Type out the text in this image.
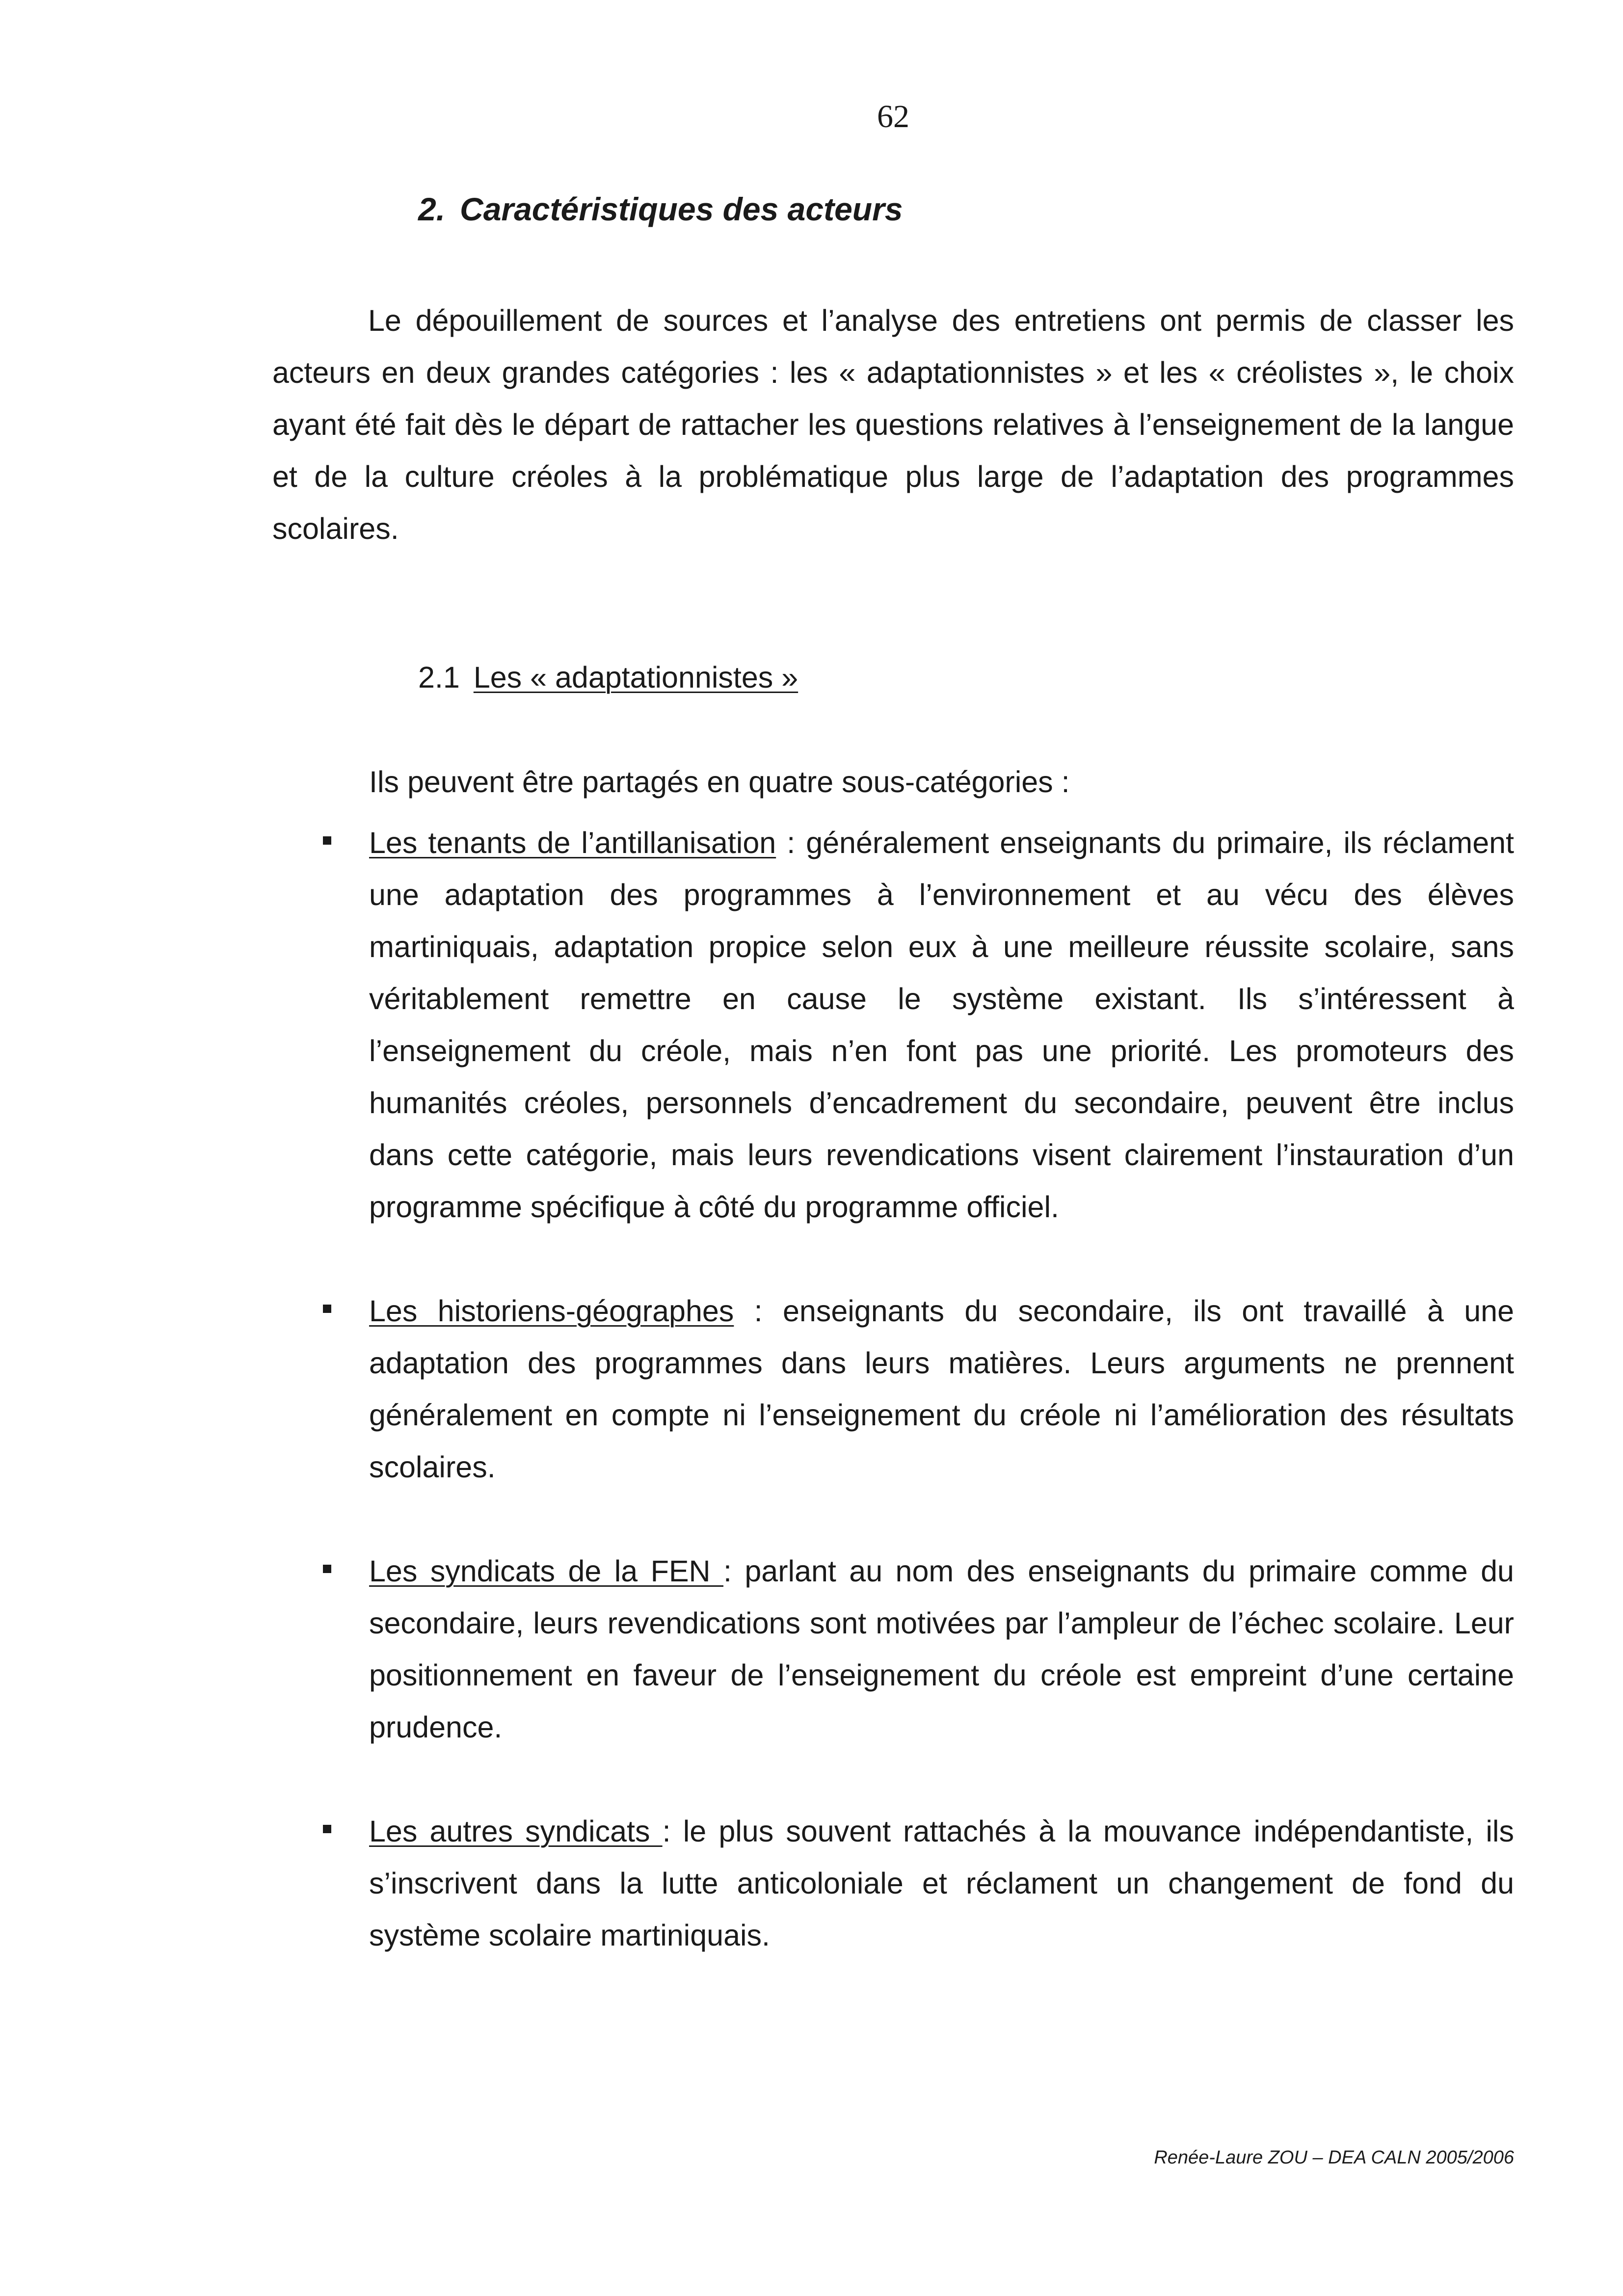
62
2. Caractéristiques des acteurs

Le dépouillement de sources et l’analyse des entretiens ont permis de classer les acteurs en deux grandes catégories : les « adaptationnistes » et les « créolistes », le choix ayant été fait dès le départ de rattacher les questions relatives à l’enseignement de la langue et de la culture créoles à la problématique plus large de l’adaptation des programmes scolaires.

2.1 Les « adaptationnistes »

Ils peuvent être partagés en quatre sous-catégories :

Les tenants de l’antillanisation : généralement enseignants du primaire, ils réclament une adaptation des programmes à l’environnement et au vécu des élèves martiniquais, adaptation propice selon eux à une meilleure réussite scolaire, sans véritablement remettre en cause le système existant. Ils s’intéressent à l’enseignement du créole, mais n’en font pas une priorité. Les promoteurs des humanités créoles, personnels d’encadrement du secondaire, peuvent être inclus dans cette catégorie, mais leurs revendications visent clairement l’instauration d’un programme spécifique à côté du programme officiel.
Les historiens-géographes : enseignants du secondaire, ils ont travaillé à une adaptation des programmes dans leurs matières. Leurs arguments ne prennent généralement en compte ni l’enseignement du créole ni l’amélioration des résultats scolaires.
Les syndicats de la FEN : parlant au nom des enseignants du primaire comme du secondaire, leurs revendications sont motivées par l’ampleur de l’échec scolaire. Leur positionnement en faveur de l’enseignement du créole est empreint d’une certaine prudence.
Les autres syndicats : le plus souvent rattachés à la mouvance indépendantiste, ils s’inscrivent dans la lutte anticoloniale et réclament un changement de fond du système scolaire martiniquais.
Renée-Laure ZOU – DEA CALN 2005/2006
